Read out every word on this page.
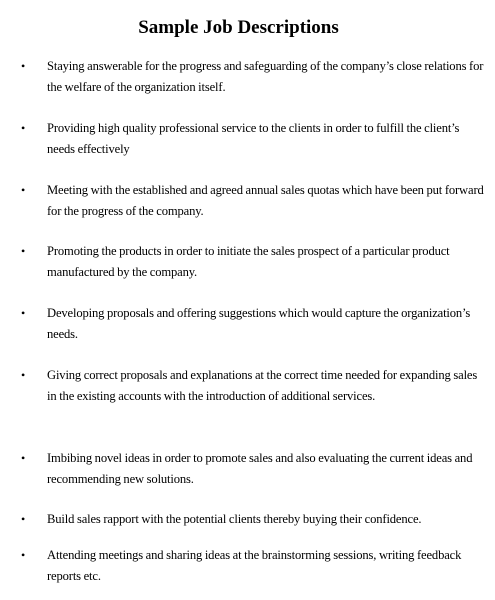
Sample Job Descriptions
• Staying answerable for the progress and safeguarding of the company’s close relations for the welfare of the organization itself.

• Providing high quality professional service to the clients in order to fulfill the client’s needs effectively

• Meeting with the established and agreed annual sales quotas which have been put forward for the progress of the company.

• Promoting the products in order to initiate the sales prospect of a particular product manufactured by the company.

• Developing proposals and offering suggestions which would capture the organization’s needs.

• Giving correct proposals and explanations at the correct time needed for expanding sales in the existing accounts with the introduction of additional services.

• Imbibing novel ideas in order to promote sales and also evaluating the current ideas and recommending new solutions.

• Build sales rapport with the potential clients thereby buying their confidence.

• Attending meetings and sharing ideas at the brainstorming sessions, writing feedback reports etc.
